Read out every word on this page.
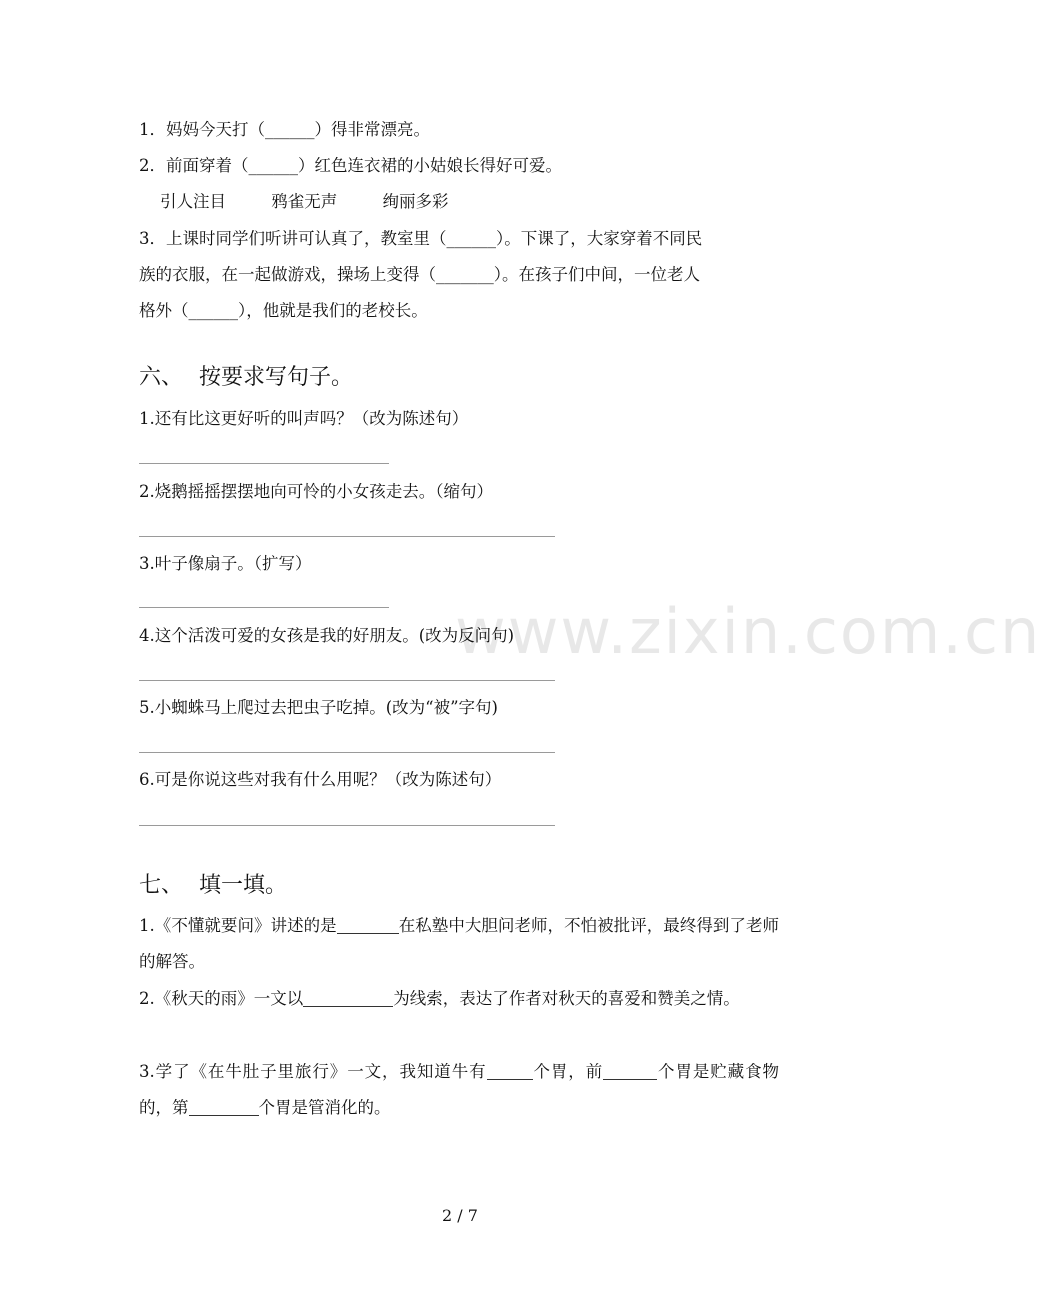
www.zixin.com.cn
1．妈妈今天打（______）得非常漂亮。
2．前面穿着（______）红色连衣裙的小姑娘长得好可爱。
引人注目	鸦雀无声	绚丽多彩
3．上课时同学们听讲可认真了，教室里（______）。下课了，大家穿着不同民
族的衣服，在一起做游戏，操场上变得（_______）。在孩子们中间，一位老人
格外（______），他就是我们的老校长。
六、 按要求写句子。
1.还有比这更好听的叫声吗？（改为陈述句）
2.烧鹅摇摇摆摆地向可怜的小女孩走去。（缩句）
3.叶子像扇子。（扩写）
4.这个活泼可爱的女孩是我的好朋友。(改为反问句)
5.小蜘蛛马上爬过去把虫子吃掉。(改为“被”字句)
6.可是你说这些对我有什么用呢？（改为陈述句）
七、 填一填。
1.《不懂就要问》讲述的是	在私塾中大胆问老师，不怕被批评，最终得到了老师的解答。
2.《秋天的雨》一文以	为线索，表达了作者对秋天的喜爱和赞美之情。
3.学了《在牛肚子里旅行》一文，我知道牛有	个胃，前	个胃是贮藏食物的，第	个胃是管消化的。
2 / 7
